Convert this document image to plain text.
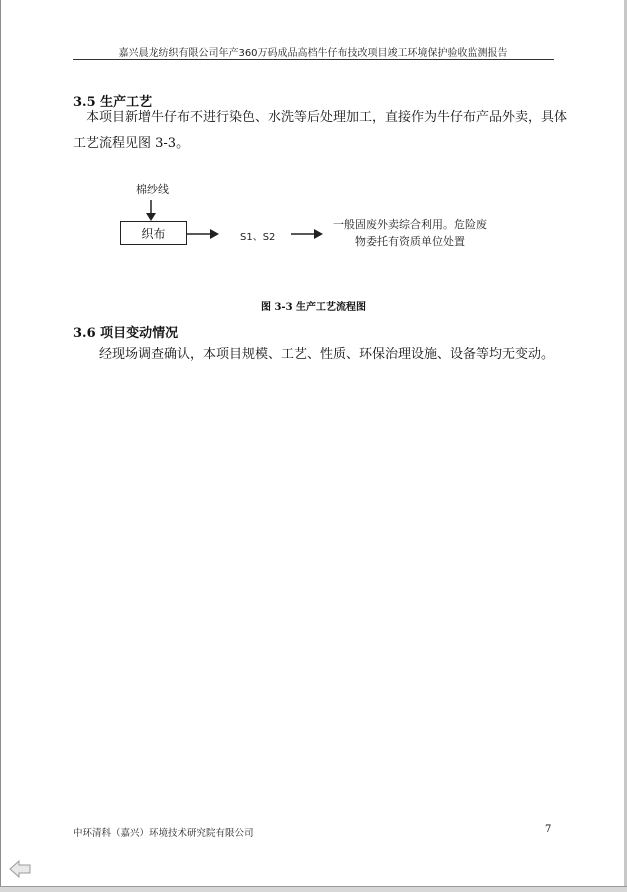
嘉兴晨龙纺织有限公司年产360万码成品高档牛仔布技改项目竣工环境保护验收监测报告
3.5 生产工艺
本项目新增牛仔布不进行染色、水洗等后处理加工，直接作为牛仔布产品外卖，具体
工艺流程见图 3-3。
棉纱线
织布	S1、S2
一般固废外卖综合利用。危险废
物委托有资质单位处置
图 3-3 生产工艺流程图
3.6 项目变动情况
经现场调查确认，本项目规模、工艺、性质、环保治理设施、设备等均无变动。
中环清科（嘉兴）环境技术研究院有限公司	7
